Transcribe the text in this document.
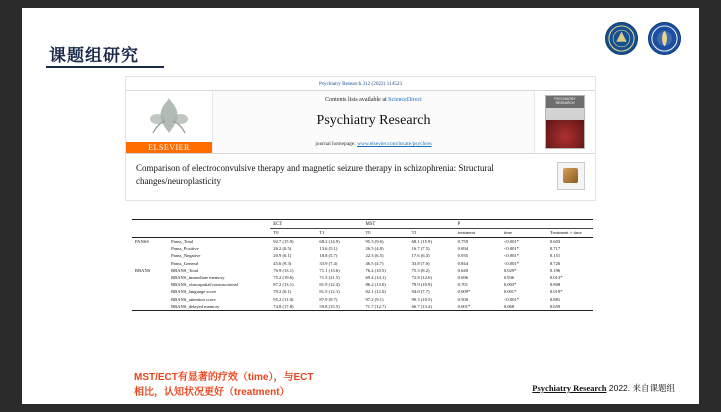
课题组研究
Psychiatry Research 312 (2022) 114523
ELSEVIER
Contents lists available at ScienceDirect
Psychiatry Research
journal homepage: www.elsevier.com/locate/psychres
PSYCHIATRY RESEARCH
Comparison of electroconvulsive therapy and magnetic seizure therapy in schizophrenia: Structural changes/neuroplasticity
		ECT		MST		P		
		T0	T1	T0	T1	treatment	time	Treatment × time
PANSS	Panss_Total	92.7 (15.9)	68.2 (14.9)	95.3 (9.6)	68.1 (15.9)	0.759	<0.001*	0.603
	Panss_Positive	26.2 (6.5)	13.6 (5.1)	26.5 (4.8)	16.7 (7.5)	0.694	<0.001*	0.717
	Panss_Negative	20.9 (6.1)	18.8 (5.7)	22.3 (6.5)	17.6 (6.3)	0.935	<0.001*	0.151
	Panss_General	45.6 (9.3)	33.9 (7.4)	46.5 (4.7)	33.8 (7.0)	0.844	<0.001*	0.726
RBANS	RBANS_Total	76.9 (13.1)	71.1 (13.6)	76.2 (10.5)	75.3 (8.2)	0.640	0.029*	0.196
	RBANS_immediate memory	75.2 (19.6)	71.5 (21.5)	69.4 (14.1)	72.8 (12.6)	0.696	0.936	0.013*
	RBANS_visuospatial/constructional	87.2 (13.1)	81.9 (12.4)	86.2 (13.0)	79.9 (10.9)	0.701	0.003*	0.808
	RBANS_language score	79.2 (6.1)	81.5 (12.1)	82.1 (12.0)	94.0 (7.7)	0.009*	0.001*	0.019*
	RBANS_attention score	95.2 (11.0)	87.9 (9.7)	97.2 (9.1)	90.3 (10.5)	0.500	<0.001*	0.881
	RBANS_delayed memory	74.8 (17.8)	59.8 (15.5)	71.7 (12.7)	66.7 (13.4)	0.001*	0.068	0.659
MST/ECT有显著的疗效（time），与ECT
相比，认知状况更好（treatment）	Psychiatry Research 2022. 来自课题组
